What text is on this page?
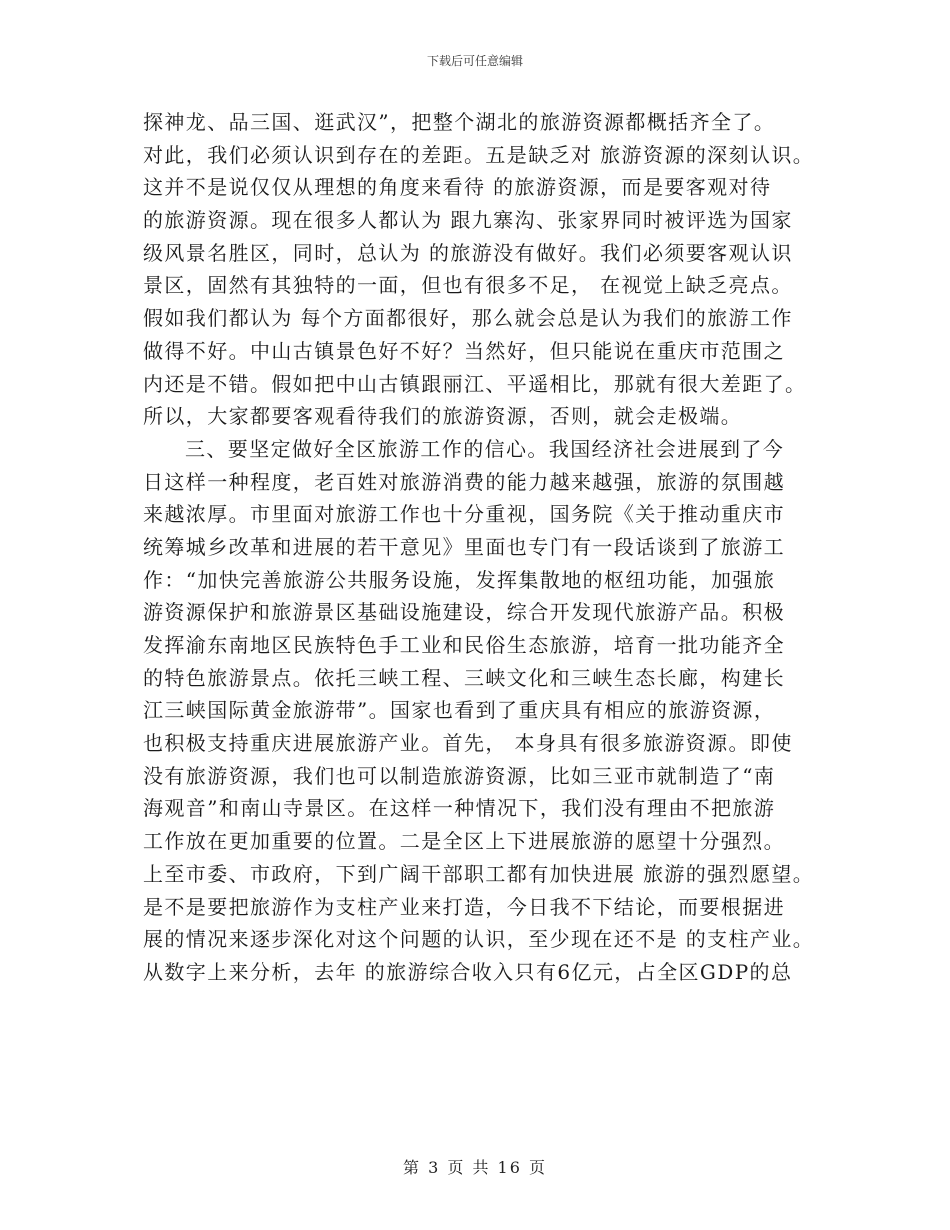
下载后可任意编辑
探神龙、品三国、逛武汉”，把整个湖北的旅游资源都概括齐全了。
对此，我们必须认识到存在的差距。五是缺乏对 旅游资源的深刻认识。
这并不是说仅仅从理想的角度来看待 的旅游资源，而是要客观对待
的旅游资源。现在很多人都认为 跟九寨沟、张家界同时被评选为国家
级风景名胜区，同时，总认为 的旅游没有做好。我们必须要客观认识
景区，固然有其独特的一面，但也有很多不足， 在视觉上缺乏亮点。
假如我们都认为 每个方面都很好，那么就会总是认为我们的旅游工作
做得不好。中山古镇景色好不好？当然好，但只能说在重庆市范围之
内还是不错。假如把中山古镇跟丽江、平遥相比，那就有很大差距了。
所以，大家都要客观看待我们的旅游资源，否则，就会走极端。
三、要坚定做好全区旅游工作的信心。我国经济社会进展到了今
日这样一种程度，老百姓对旅游消费的能力越来越强，旅游的氛围越
来越浓厚。市里面对旅游工作也十分重视，国务院《关于推动重庆市
统筹城乡改革和进展的若干意见》里面也专门有一段话谈到了旅游工
作：“加快完善旅游公共服务设施，发挥集散地的枢纽功能，加强旅
游资源保护和旅游景区基础设施建设，综合开发现代旅游产品。积极
发挥渝东南地区民族特色手工业和民俗生态旅游，培育一批功能齐全
的特色旅游景点。依托三峡工程、三峡文化和三峡生态长廊，构建长
江三峡国际黄金旅游带”。国家也看到了重庆具有相应的旅游资源，
也积极支持重庆进展旅游产业。首先， 本身具有很多旅游资源。即使
没有旅游资源，我们也可以制造旅游资源，比如三亚市就制造了“南
海观音”和南山寺景区。在这样一种情况下，我们没有理由不把旅游
工作放在更加重要的位置。二是全区上下进展旅游的愿望十分强烈。
上至市委、市政府，下到广阔干部职工都有加快进展 旅游的强烈愿望。
是不是要把旅游作为支柱产业来打造，今日我不下结论，而要根据进
展的情况来逐步深化对这个问题的认识，至少现在还不是 的支柱产业。
从数字上来分析，去年 的旅游综合收入只有6亿元，占全区GDP的总
第 3 页 共 16 页
